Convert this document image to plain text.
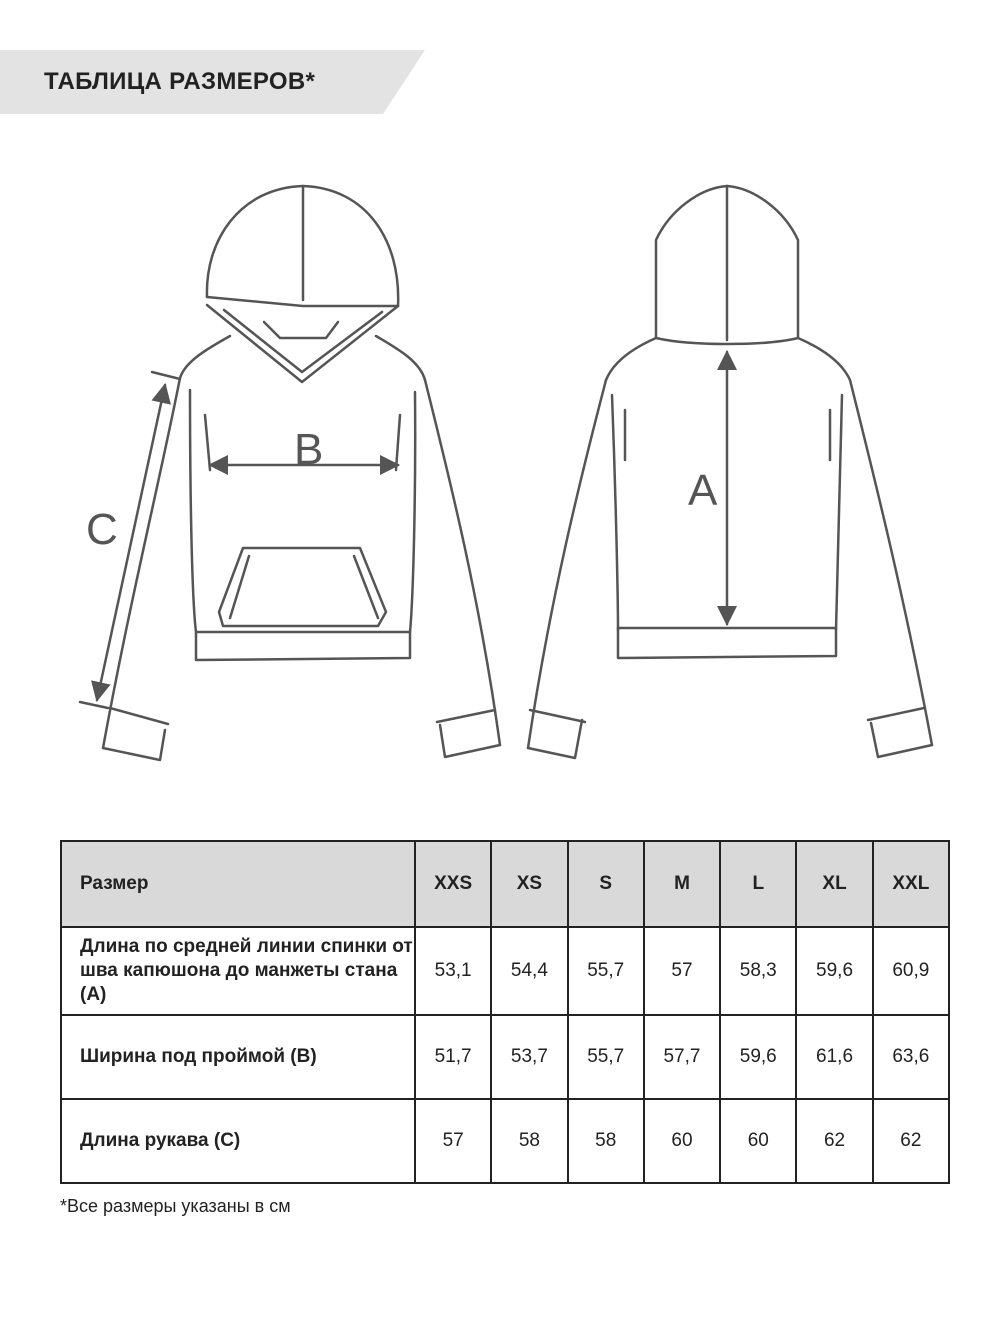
ТАБЛИЦА РАЗМЕРОВ*
B
C
A
Размер	XXS	XS	S	M	L	XL	XXL
Длина по средней линии спинки от шва капюшона до манжеты стана (А)	53,1	54,4	55,7	57	58,3	59,6	60,9
Ширина под проймой (В)	51,7	53,7	55,7	57,7	59,6	61,6	63,6
Длина рукава (С)	57	58	58	60	60	62	62
*Все размеры указаны в см
